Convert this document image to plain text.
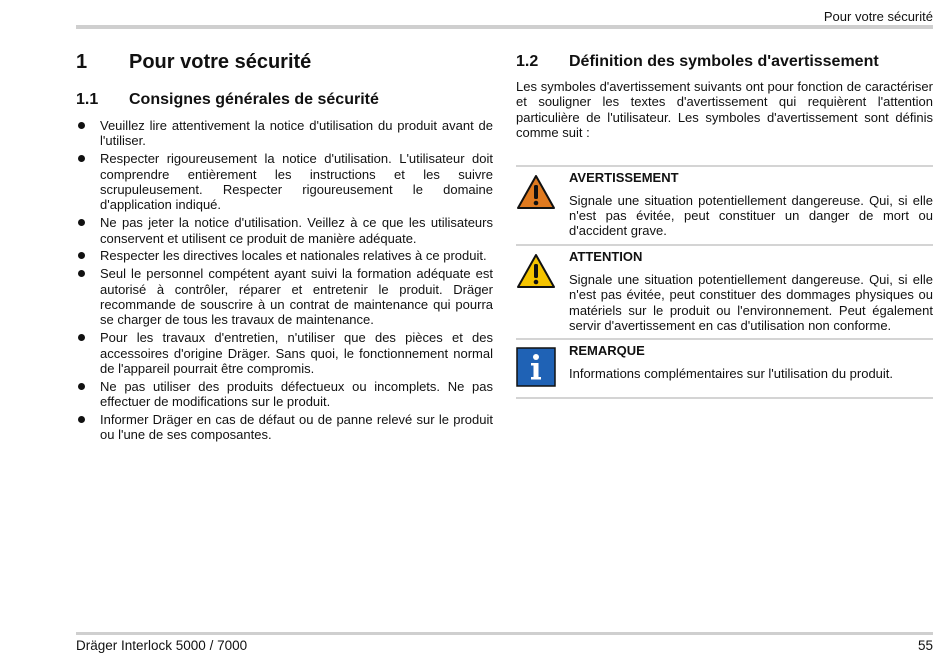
Pour votre sécurité
1	Pour votre sécurité
1.1	Consignes générales de sécurité
Veuillez lire attentivement la notice d'utilisation du produit avant de l'utiliser.
Respecter rigoureusement la notice d'utilisation. L'utilisateur doit comprendre entièrement les instructions et les suivre scrupuleusement. Respecter rigoureusement le domaine d'application indiqué.
Ne pas jeter la notice d'utilisation. Veillez à ce que les utilisateurs conservent et utilisent ce produit de manière adéquate.
Respecter les directives locales et nationales relatives à ce produit.
Seul le personnel compétent ayant suivi la formation adéquate est autorisé à contrôler, réparer et entretenir le produit. Dräger recommande de souscrire à un contrat de maintenance qui pourra se charger de tous les travaux de maintenance.
Pour les travaux d'entretien, n'utiliser que des pièces et des accessoires d'origine Dräger. Sans quoi, le fonctionnement normal de l'appareil pourrait être compromis.
Ne pas utiliser des produits défectueux ou incomplets. Ne pas effectuer de modifications sur le produit.
Informer Dräger en cas de défaut ou de panne relevé sur le produit ou l'une de ses composantes.
1.2	Définition des symboles d'avertissement

Les symboles d'avertissement suivants ont pour fonction de caractériser et souligner les textes d'avertissement qui requièrent l'attention particulière de l'utilisateur. Les symboles d'avertissement sont définis comme suit :

AVERTISSEMENT
Signale une situation potentiellement dangereuse. Qui, si elle n'est pas évitée, peut constituer un danger de mort ou d'accident grave.
ATTENTION
Signale une situation potentiellement dangereuse. Qui, si elle n'est pas évitée, peut constituer des dommages physiques ou matériels sur le produit ou l'environnement. Peut également servir d'avertissement en cas d'utilisation non conforme.
REMARQUE
Informations complémentaires sur l'utilisation du produit.
Dräger Interlock 5000 / 7000	55
